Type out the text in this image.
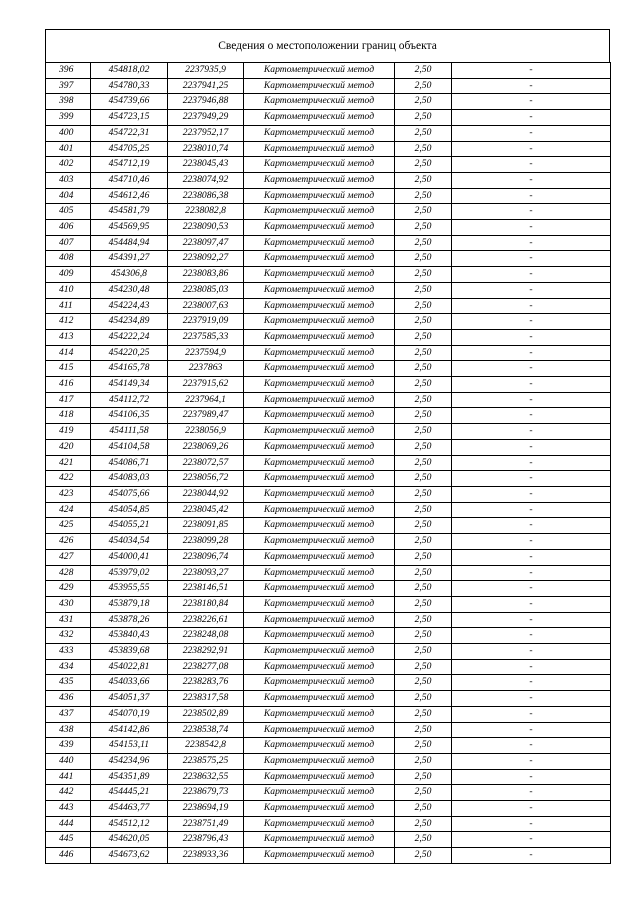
Сведения о местоположении границ объекта
396	454818,02	2237935,9	Картометрический метод	2,50	-
397	454780,33	2237941,25	Картометрический метод	2,50	-
398	454739,66	2237946,88	Картометрический метод	2,50	-
399	454723,15	2237949,29	Картометрический метод	2,50	-
400	454722,31	2237952,17	Картометрический метод	2,50	-
401	454705,25	2238010,74	Картометрический метод	2,50	-
402	454712,19	2238045,43	Картометрический метод	2,50	-
403	454710,46	2238074,92	Картометрический метод	2,50	-
404	454612,46	2238086,38	Картометрический метод	2,50	-
405	454581,79	2238082,8	Картометрический метод	2,50	-
406	454569,95	2238090,53	Картометрический метод	2,50	-
407	454484,94	2238097,47	Картометрический метод	2,50	-
408	454391,27	2238092,27	Картометрический метод	2,50	-
409	454306,8	2238083,86	Картометрический метод	2,50	-
410	454230,48	2238085,03	Картометрический метод	2,50	-
411	454224,43	2238007,63	Картометрический метод	2,50	-
412	454234,89	2237919,09	Картометрический метод	2,50	-
413	454222,24	2237585,33	Картометрический метод	2,50	-
414	454220,25	2237594,9	Картометрический метод	2,50	-
415	454165,78	2237863	Картометрический метод	2,50	-
416	454149,34	2237915,62	Картометрический метод	2,50	-
417	454112,72	2237964,1	Картометрический метод	2,50	-
418	454106,35	2237989,47	Картометрический метод	2,50	-
419	454111,58	2238056,9	Картометрический метод	2,50	-
420	454104,58	2238069,26	Картометрический метод	2,50	-
421	454086,71	2238072,57	Картометрический метод	2,50	-
422	454083,03	2238056,72	Картометрический метод	2,50	-
423	454075,66	2238044,92	Картометрический метод	2,50	-
424	454054,85	2238045,42	Картометрический метод	2,50	-
425	454055,21	2238091,85	Картометрический метод	2,50	-
426	454034,54	2238099,28	Картометрический метод	2,50	-
427	454000,41	2238096,74	Картометрический метод	2,50	-
428	453979,02	2238093,27	Картометрический метод	2,50	-
429	453955,55	2238146,51	Картометрический метод	2,50	-
430	453879,18	2238180,84	Картометрический метод	2,50	-
431	453878,26	2238226,61	Картометрический метод	2,50	-
432	453840,43	2238248,08	Картометрический метод	2,50	-
433	453839,68	2238292,91	Картометрический метод	2,50	-
434	454022,81	2238277,08	Картометрический метод	2,50	-
435	454033,66	2238283,76	Картометрический метод	2,50	-
436	454051,37	2238317,58	Картометрический метод	2,50	-
437	454070,19	2238502,89	Картометрический метод	2,50	-
438	454142,86	2238538,74	Картометрический метод	2,50	-
439	454153,11	2238542,8	Картометрический метод	2,50	-
440	454234,96	2238575,25	Картометрический метод	2,50	-
441	454351,89	2238632,55	Картометрический метод	2,50	-
442	454445,21	2238679,73	Картометрический метод	2,50	-
443	454463,77	2238694,19	Картометрический метод	2,50	-
444	454512,12	2238751,49	Картометрический метод	2,50	-
445	454620,05	2238796,43	Картометрический метод	2,50	-
446	454673,62	2238933,36	Картометрический метод	2,50	-
